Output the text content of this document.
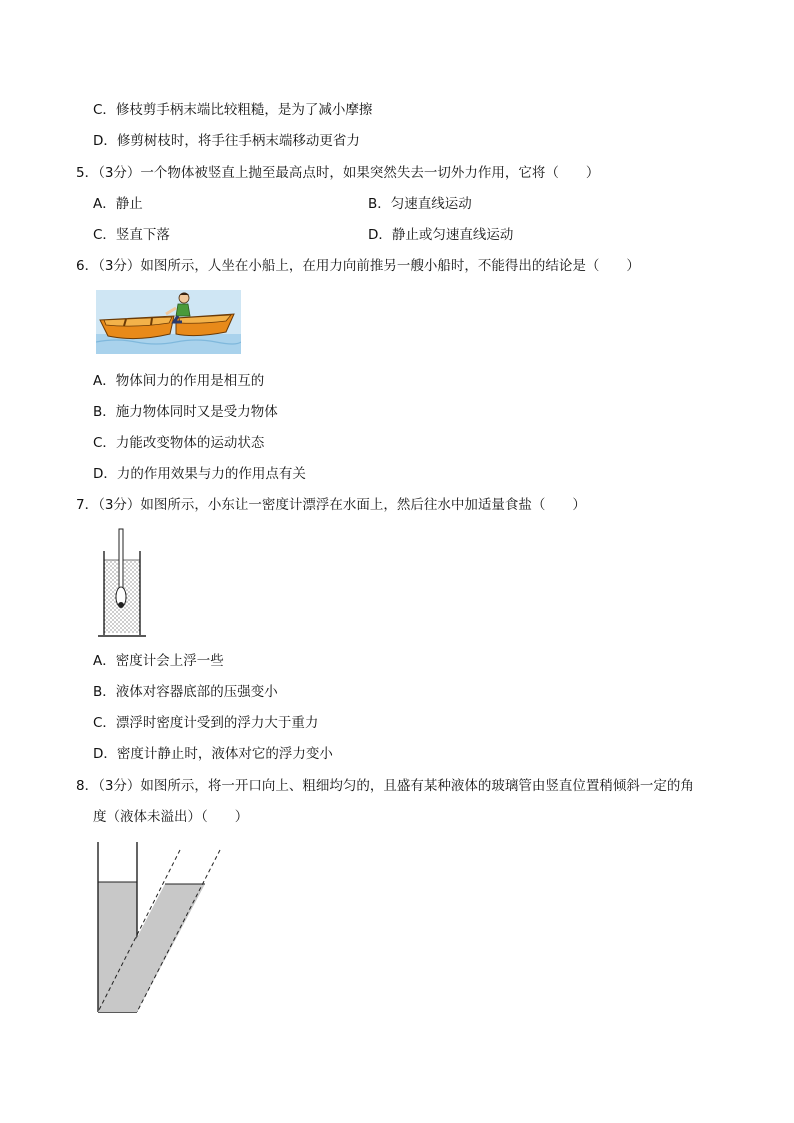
C．修枝剪手柄末端比较粗糙，是为了减小摩擦
D．修剪树枝时，将手往手柄末端移动更省力
5．（3分）一个物体被竖直上抛至最高点时，如果突然失去一切外力作用，它将（　　）
A．静止	B．匀速直线运动
C．竖直下落	D．静止或匀速直线运动
6．（3分）如图所示，人坐在小船上，在用力向前推另一艘小船时，不能得出的结论是（　　）
A．物体间力的作用是相互的
B．施力物体同时又是受力物体
C．力能改变物体的运动状态
D．力的作用效果与力的作用点有关
7．（3分）如图所示，小东让一密度计漂浮在水面上，然后往水中加适量食盐（　　）
A．密度计会上浮一些
B．液体对容器底部的压强变小
C．漂浮时密度计受到的浮力大于重力
D．密度计静止时，液体对它的浮力变小
8．（3分）如图所示，将一开口向上、粗细均匀的，且盛有某种液体的玻璃管由竖直位置稍倾斜一定的角
度（液体未溢出）（　　）
